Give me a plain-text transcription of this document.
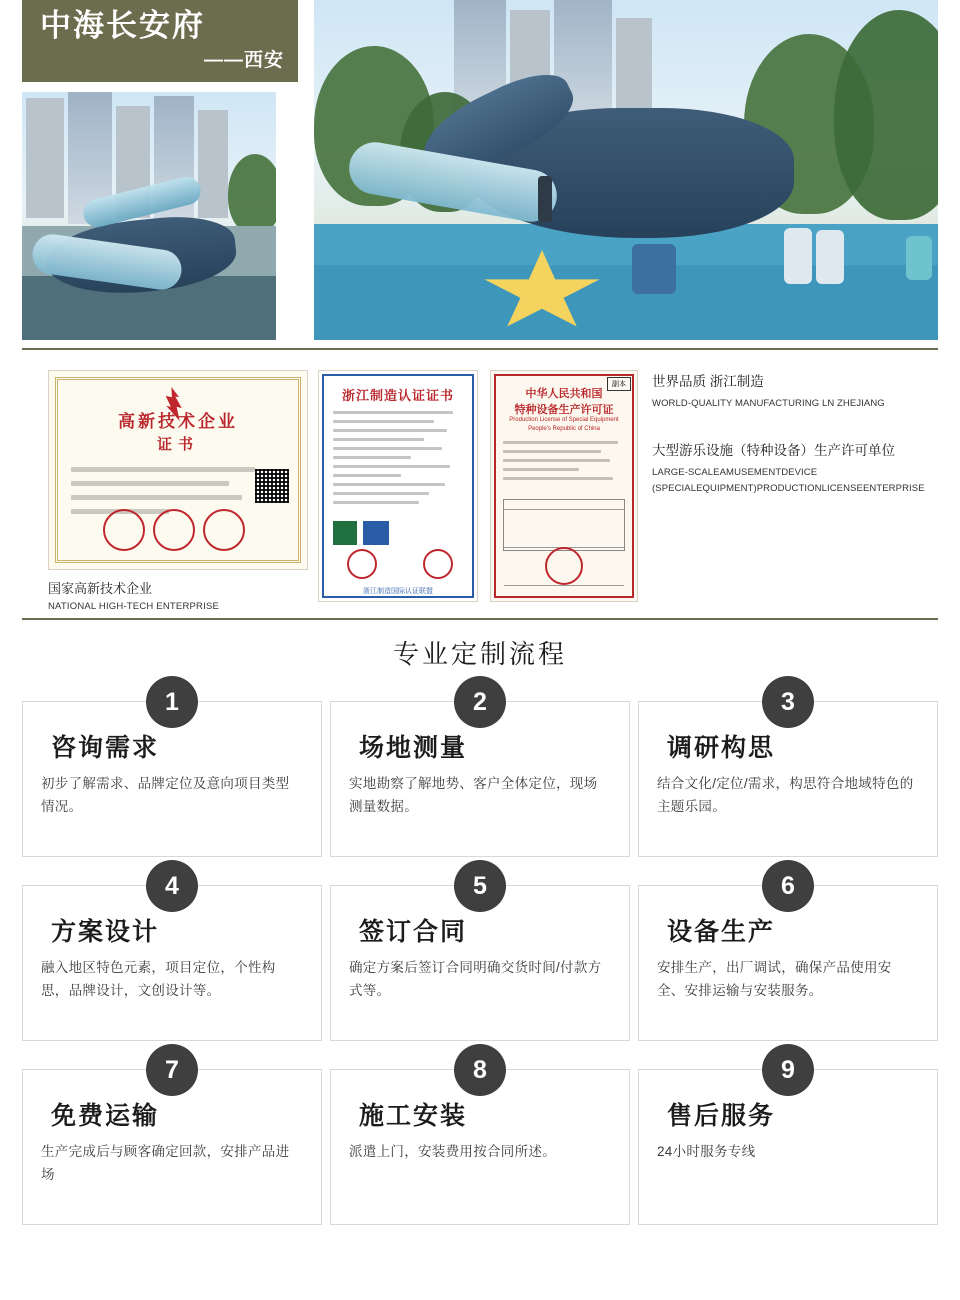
中海长安府
——西安
高新技术企业
证书
国家高新技术企业
NATIONAL HIGH-TECH ENTERPRISE
浙江制造认证证书
浙江制造国际认证联盟
副本
中华人民共和国
特种设备生产许可证
Production License of Special Equipment
People's Republic of China
世界品质 浙江制造
WORLD-QUALITY MANUFACTURING LN ZHEJIANG
大型游乐设施（特种设备）生产许可单位
LARGE-SCALEAMUSEMENTDEVICE
(SPECIALEQUIPMENT)PRODUCTIONLICENSEENTERPRISE
专业定制流程
1
咨询需求
初步了解需求、品牌定位及意向项目类型情况。
2
场地测量
实地勘察了解地势、客户全体定位，现场测量数据。
3
调研构思
结合文化/定位/需求，构思符合地域特色的主题乐园。
4
方案设计
融入地区特色元素，项目定位，个性构思，品牌设计，文创设计等。
5
签订合同
确定方案后签订合同明确交货时间/付款方式等。
6
设备生产
安排生产，出厂调试，确保产品使用安全、安排运输与安装服务。
7
免费运输
生产完成后与顾客确定回款，安排产品进场
8
施工安装
派遣上门，安装费用按合同所述。
9
售后服务
24小时服务专线
